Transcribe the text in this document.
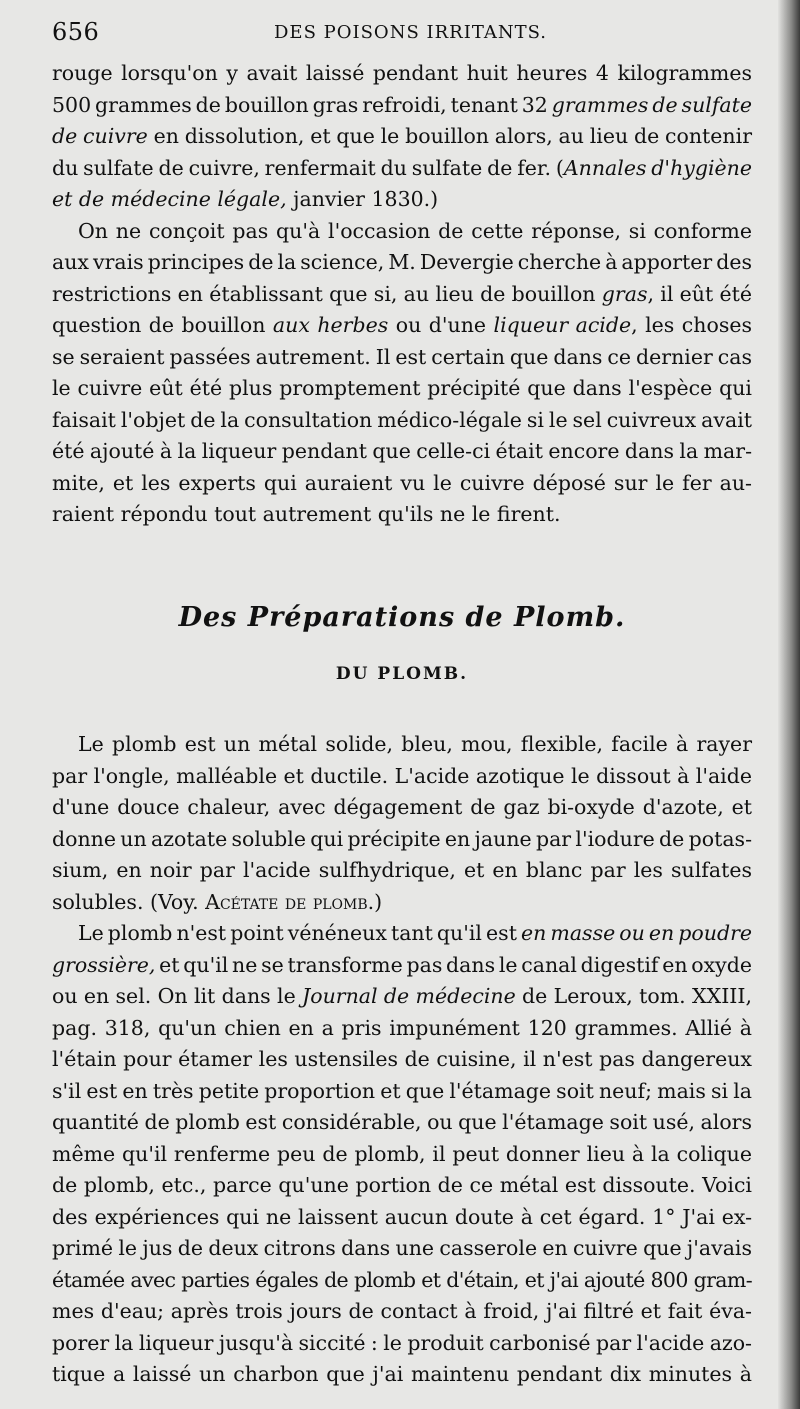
656	DES POISONS IRRITANTS.

rouge lorsqu'on y avait laissé pendant huit heures 4 kilogrammes
500 grammes de bouillon gras refroidi, tenant 32 grammes de sulfate
de cuivre en dissolution, et que le bouillon alors, au lieu de contenir
du sulfate de cuivre, renfermait du sulfate de fer. (Annales d'hygiène
et de médecine légale, janvier 1830.)

On ne conçoit pas qu'à l'occasion de cette réponse, si conforme
aux vrais principes de la science, M. Devergie cherche à apporter des
restrictions en établissant que si, au lieu de bouillon gras, il eût été
question de bouillon aux herbes ou d'une liqueur acide, les choses
se seraient passées autrement. Il est certain que dans ce dernier cas
le cuivre eût été plus promptement précipité que dans l'espèce qui
faisait l'objet de la consultation médico-légale si le sel cuivreux avait
été ajouté à la liqueur pendant que celle-ci était encore dans la mar-
mite, et les experts qui auraient vu le cuivre déposé sur le fer au-
raient répondu tout autrement qu'ils ne le firent.

Des Préparations de Plomb.
DU PLOMB.

Le plomb est un métal solide, bleu, mou, flexible, facile à rayer
par l'ongle, malléable et ductile. L'acide azotique le dissout à l'aide
d'une douce chaleur, avec dégagement de gaz bi-oxyde d'azote, et
donne un azotate soluble qui précipite en jaune par l'iodure de potas-
sium, en noir par l'acide sulfhydrique, et en blanc par les sulfates
solubles. (Voy. Acétate de plomb.)

Le plomb n'est point vénéneux tant qu'il est en masse ou en poudre
grossière, et qu'il ne se transforme pas dans le canal digestif en oxyde
ou en sel. On lit dans le Journal de médecine de Leroux, tom. XXIII,
pag. 318, qu'un chien en a pris impunément 120 grammes. Allié à
l'étain pour étamer les ustensiles de cuisine, il n'est pas dangereux
s'il est en très petite proportion et que l'étamage soit neuf; mais si la
quantité de plomb est considérable, ou que l'étamage soit usé, alors
même qu'il renferme peu de plomb, il peut donner lieu à la colique
de plomb, etc., parce qu'une portion de ce métal est dissoute. Voici
des expériences qui ne laissent aucun doute à cet égard. 1° J'ai ex-
primé le jus de deux citrons dans une casserole en cuivre que j'avais
étamée avec parties égales de plomb et d'étain, et j'ai ajouté 800 gram-
mes d'eau; après trois jours de contact à froid, j'ai filtré et fait éva-
porer la liqueur jusqu'à siccité : le produit carbonisé par l'acide azo-
tique a laissé un charbon que j'ai maintenu pendant dix minutes à
